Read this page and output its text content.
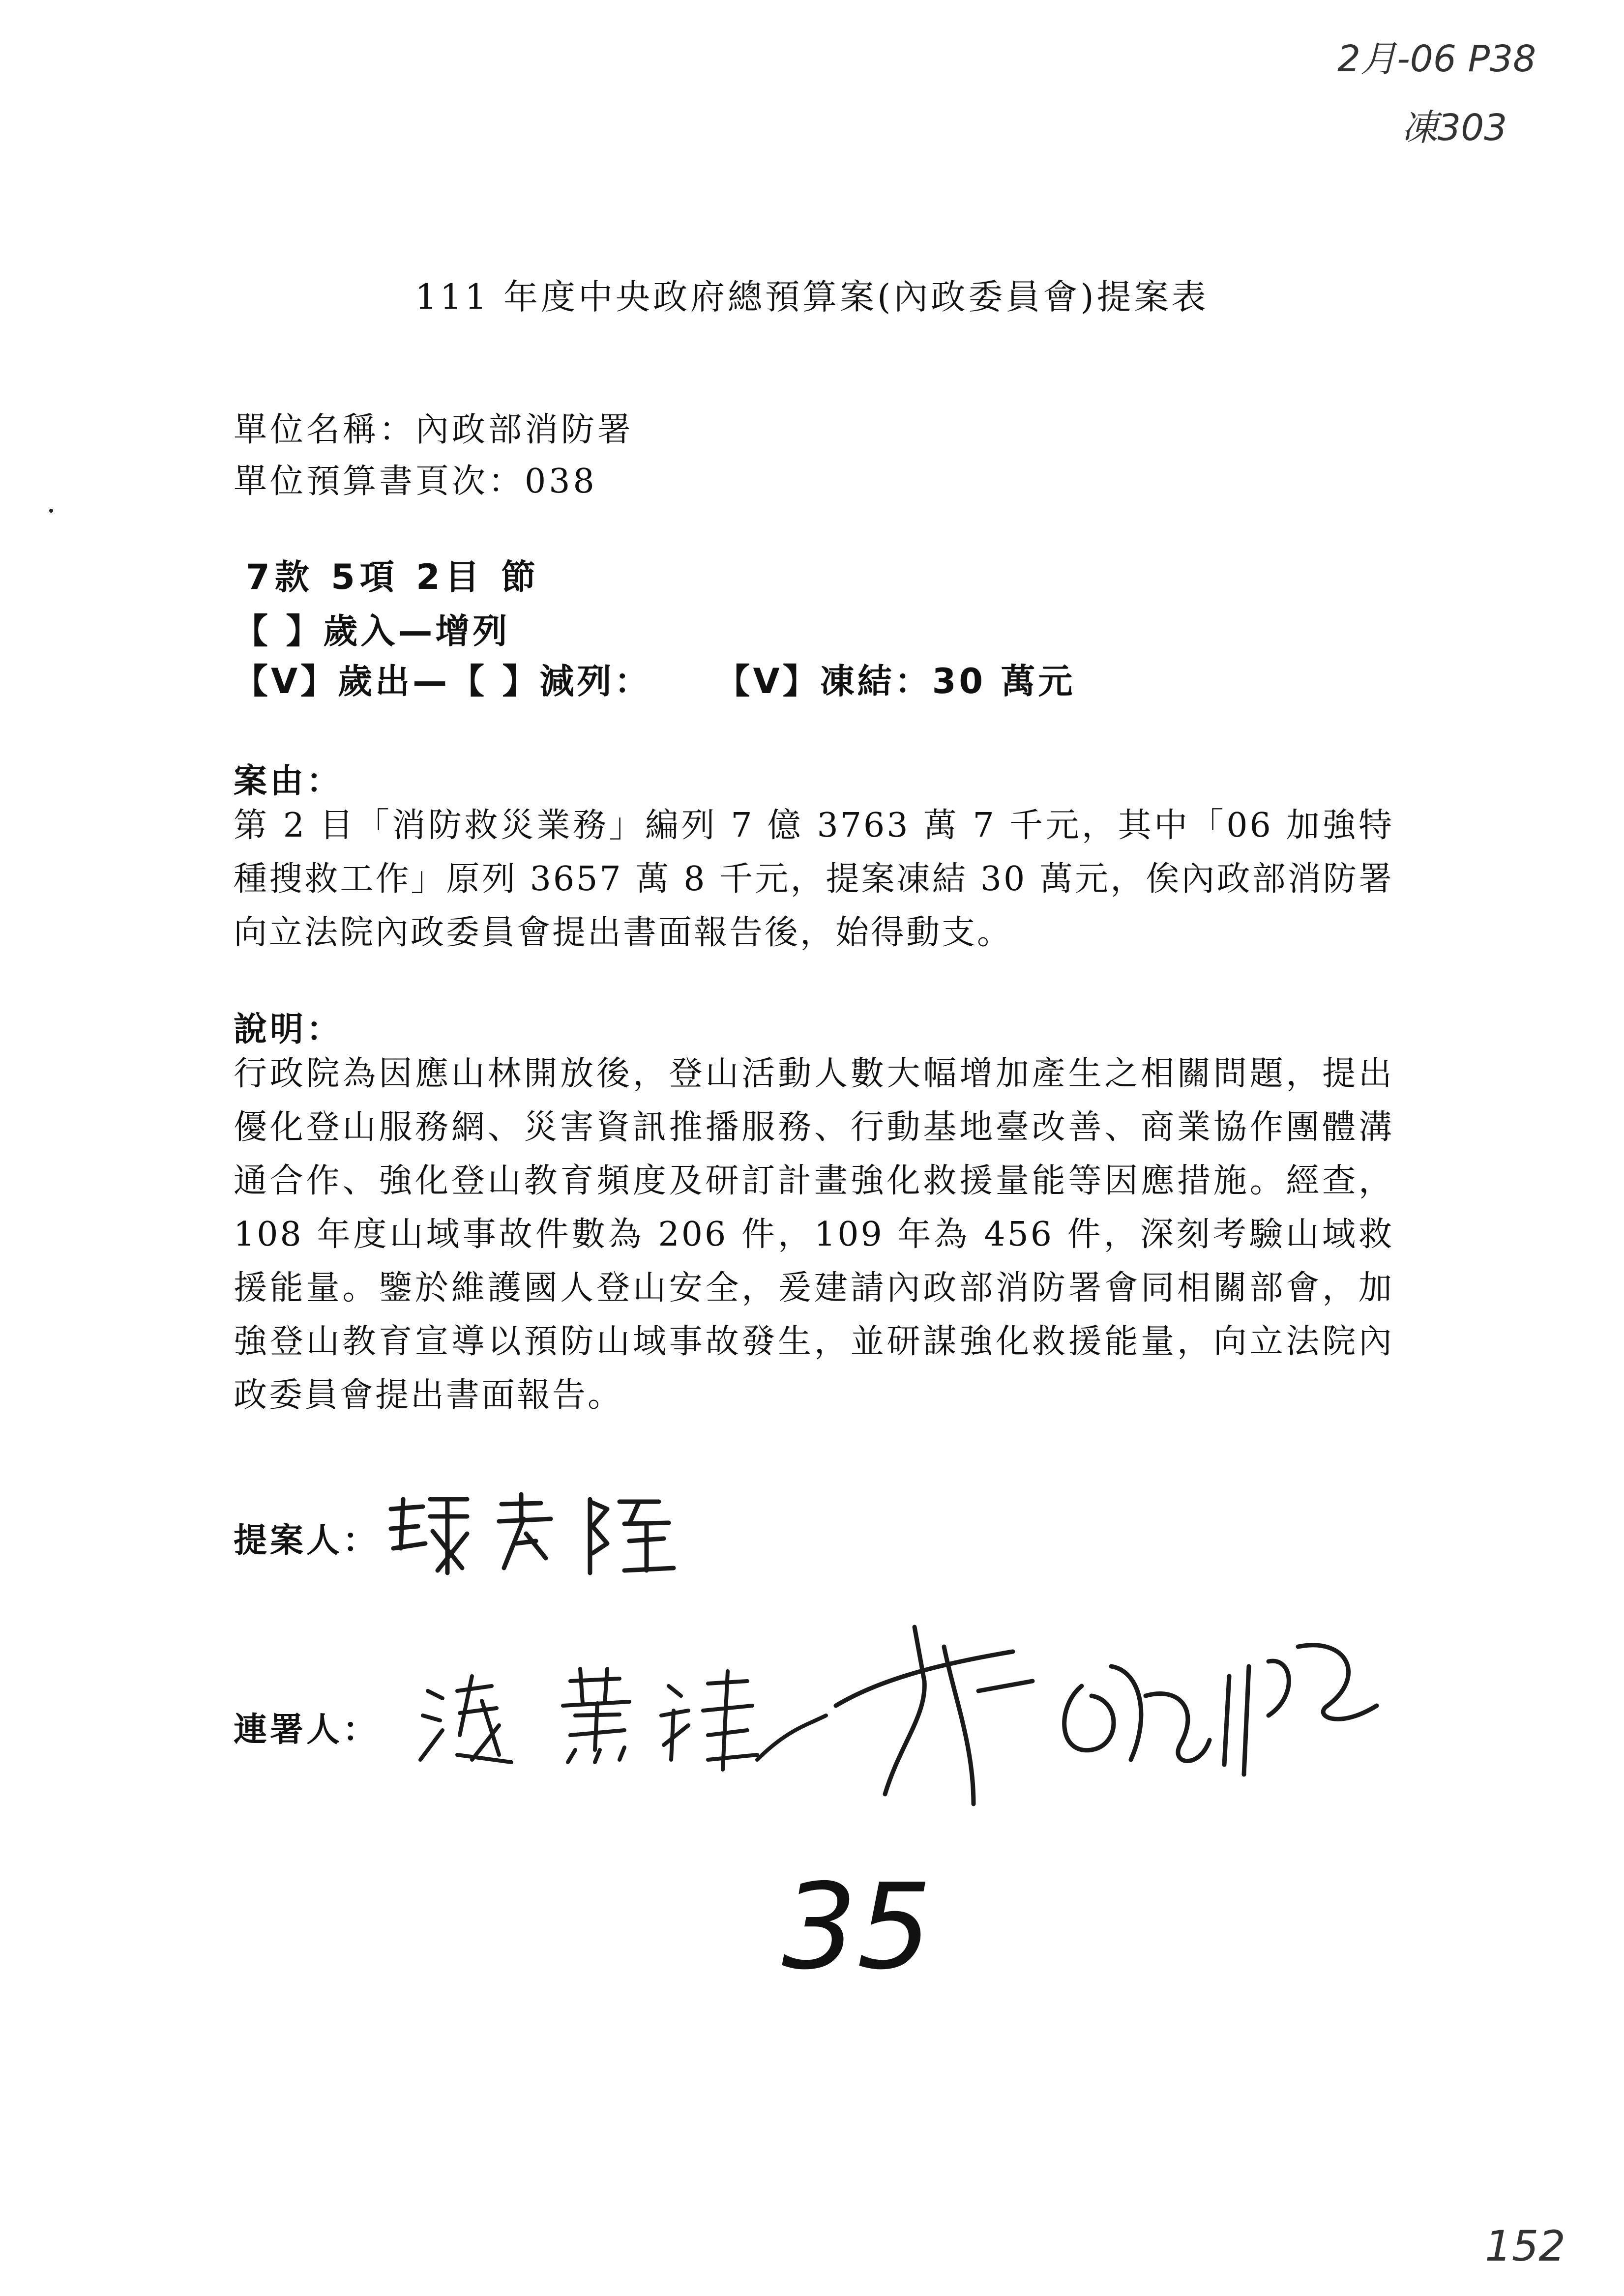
2月-06 P38
凍303
111 年度中央政府總預算案(內政委員會)提案表
單位名稱：內政部消防署
單位預算書頁次：038
7款 5項 2目 節
【 】歲入—增列
【V】歲出—【 】減列： 【V】凍結：30 萬元
案由：
第 2 目「消防救災業務」編列 7 億 3763 萬 7 千元，其中「06 加強特種搜救工作」原列 3657 萬 8 千元，提案凍結 30 萬元，俟內政部消防署向立法院內政委員會提出書面報告後，始得動支。
說明：
行政院為因應山林開放後，登山活動人數大幅增加產生之相關問題，提出優化登山服務網、災害資訊推播服務、行動基地臺改善、商業協作團體溝通合作、強化登山教育頻度及研訂計畫強化救援量能等因應措施。經查，108 年度山域事故件數為 206 件，109 年為 456 件，深刻考驗山域救援能量。鑒於維護國人登山安全，爰建請內政部消防署會同相關部會，加強登山教育宣導以預防山域事故發生，並研謀強化救援能量，向立法院內政委員會提出書面報告。
提案人：
連署人：
35
152
